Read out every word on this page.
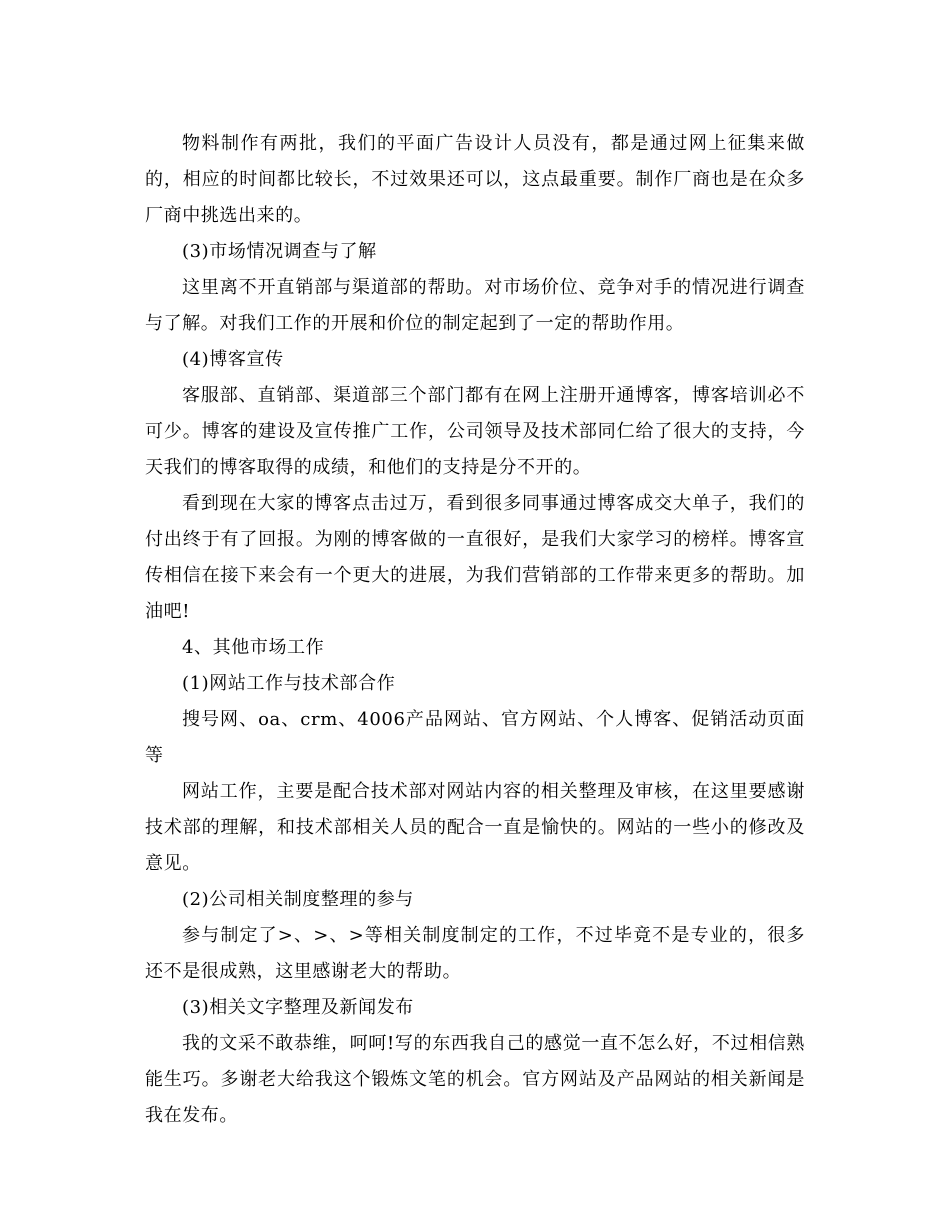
物料制作有两批，我们的平面广告设计人员没有，都是通过网上征集来做的，相应的时间都比较长，不过效果还可以，这点最重要。制作厂商也是在众多厂商中挑选出来的。

(3)市场情况调查与了解

这里离不开直销部与渠道部的帮助。对市场价位、竞争对手的情况进行调查与了解。对我们工作的开展和价位的制定起到了一定的帮助作用。

(4)博客宣传

客服部、直销部、渠道部三个部门都有在网上注册开通博客，博客培训必不可少。博客的建设及宣传推广工作，公司领导及技术部同仁给了很大的支持，今天我们的博客取得的成绩，和他们的支持是分不开的。

看到现在大家的博客点击过万，看到很多同事通过博客成交大单子，我们的付出终于有了回报。为刚的博客做的一直很好，是我们大家学习的榜样。博客宣传相信在接下来会有一个更大的进展，为我们营销部的工作带来更多的帮助。加油吧!

4、其他市场工作

(1)网站工作与技术部合作

搜号网、oa、crm、4006产品网站、官方网站、个人博客、促销活动页面等

网站工作，主要是配合技术部对网站内容的相关整理及审核，在这里要感谢技术部的理解，和技术部相关人员的配合一直是愉快的。网站的一些小的修改及意见。

(2)公司相关制度整理的参与

参与制定了>、>、>等相关制度制定的工作，不过毕竟不是专业的，很多还不是很成熟，这里感谢老大的帮助。

(3)相关文字整理及新闻发布

我的文采不敢恭维，呵呵!写的东西我自己的感觉一直不怎么好，不过相信熟能生巧。多谢老大给我这个锻炼文笔的机会。官方网站及产品网站的相关新闻是我在发布。
